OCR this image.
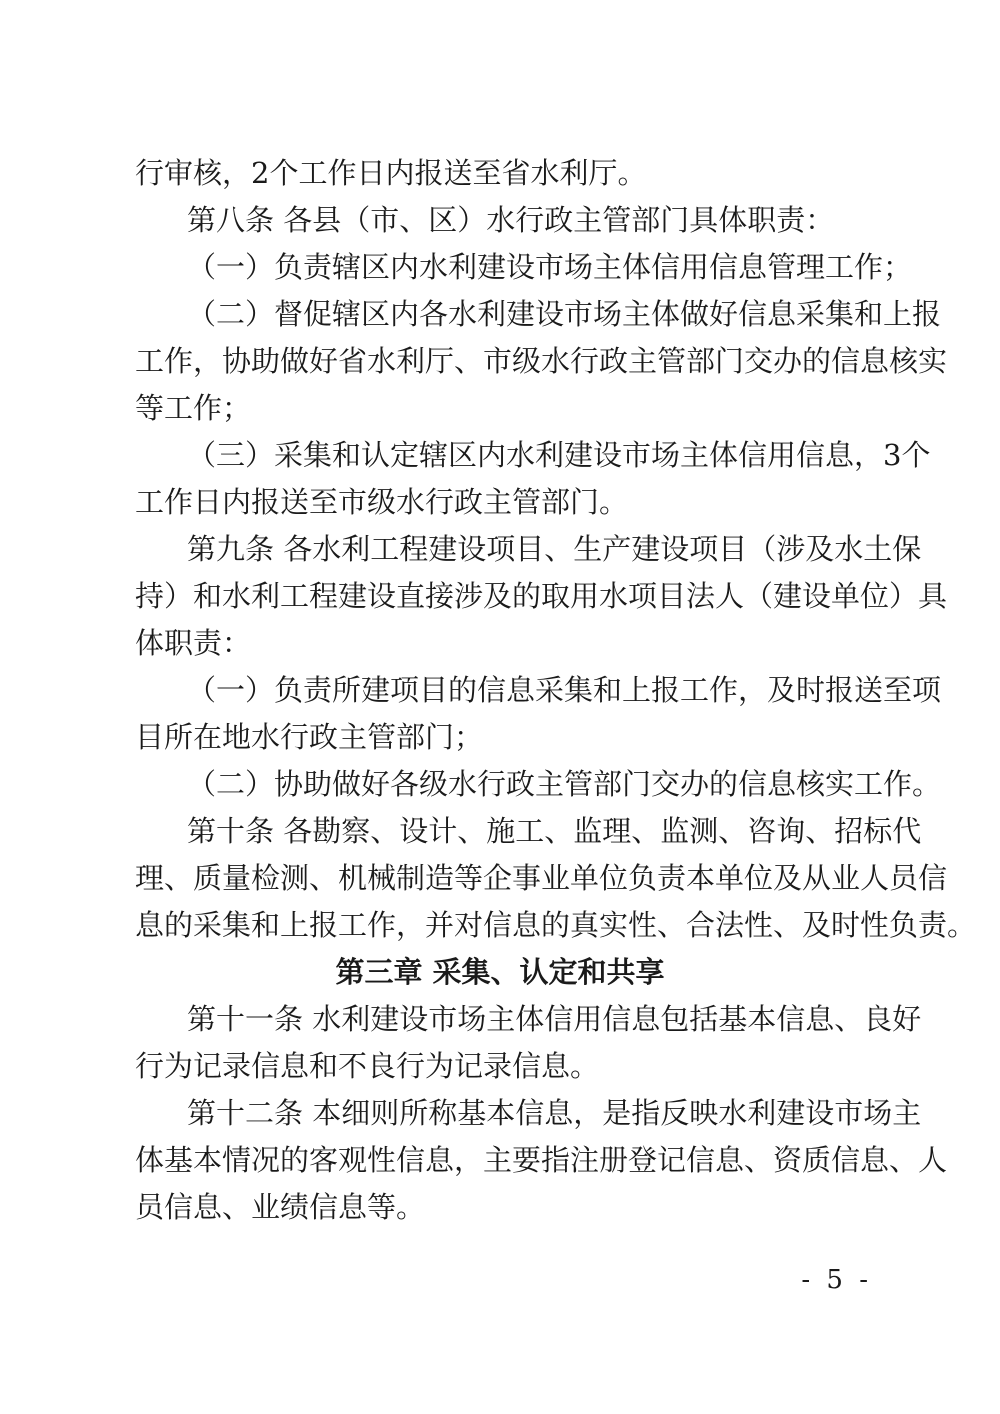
行审核，2个工作日内报送至省水利厅。
第八条 各县（市、区）水行政主管部门具体职责：
（一）负责辖区内水利建设市场主体信用信息管理工作；
（二）督促辖区内各水利建设市场主体做好信息采集和上报
工作，协助做好省水利厅、市级水行政主管部门交办的信息核实
等工作；
（三）采集和认定辖区内水利建设市场主体信用信息，3个
工作日内报送至市级水行政主管部门。
第九条 各水利工程建设项目、生产建设项目（涉及水土保
持）和水利工程建设直接涉及的取用水项目法人（建设单位）具
体职责：
（一）负责所建项目的信息采集和上报工作，及时报送至项
目所在地水行政主管部门；
（二）协助做好各级水行政主管部门交办的信息核实工作。
第十条 各勘察、设计、施工、监理、监测、咨询、招标代
理、质量检测、机械制造等企事业单位负责本单位及从业人员信
息的采集和上报工作，并对信息的真实性、合法性、及时性负责。
第三章 采集、认定和共享
第十一条 水利建设市场主体信用信息包括基本信息、良好
行为记录信息和不良行为记录信息。
第十二条 本细则所称基本信息，是指反映水利建设市场主
体基本情况的客观性信息，主要指注册登记信息、资质信息、人
员信息、业绩信息等。
- 5 -
